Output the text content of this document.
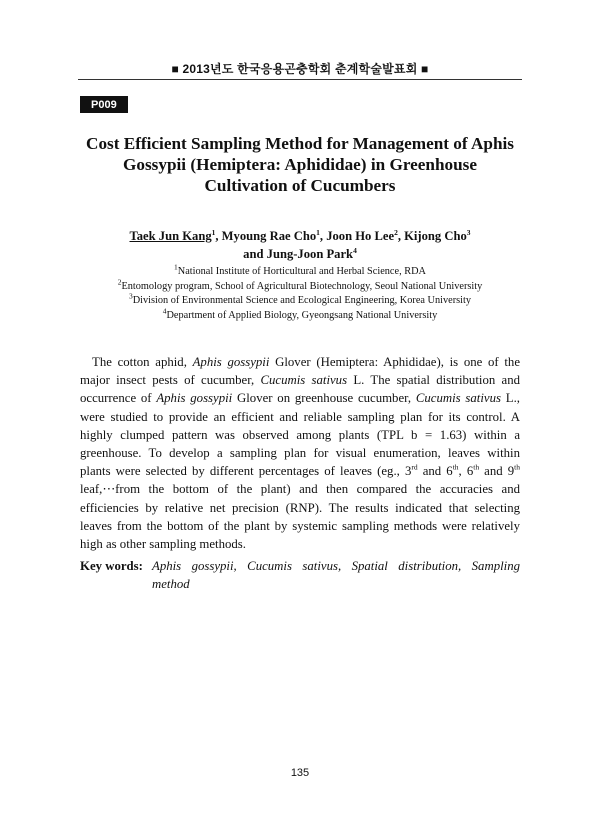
■ 2013년도 한국응용곤충학회 춘계학술발표회 ■
P009
Cost Efficient Sampling Method for Management of Aphis
Gossypii (Hemiptera: Aphididae) in Greenhouse
Cultivation of Cucumbers
Taek Jun Kang$^1$, Myoung Rae Cho$^1$, Joon Ho Lee$^2$, Kijong Cho$^3$
and Jung-Joon Park$^4$
$^1$National Institute of Horticultural and Herbal Science, RDA
$^2$Entomology program, School of Agricultural Biotechnology, Seoul National University
$^3$Division of Environmental Science and Ecological Engineering, Korea University
$^4$Department of Applied Biology, Gyeongsang National University
The cotton aphid, Aphis gossypii Glover (Hemiptera: Aphididae), is one of the
major insect pests of cucumber, Cucumis sativus L. The spatial distribution and
occurrence of Aphis gossypii Glover on greenhouse cucumber, Cucumis sativus L.,
were studied to provide an efficient and reliable sampling plan for its control. A
highly clumped pattern was observed among plants (TPL b = 1.63) within a
greenhouse. To develop a sampling plan for visual enumeration, leaves within
plants were selected by different percentages of leaves (eg., 3rd and 6th, 6th and 9th
leaf,⋯from the bottom of the plant) and then compared the accuracies and
efficiencies by relative net precision (RNP). The results indicated that selecting
leaves from the bottom of the plant by systemic sampling methods were relatively
high as other sampling methods.
Key words: Aphis gossypii, Cucumis sativus, Spatial distribution, Sampling
method
135
